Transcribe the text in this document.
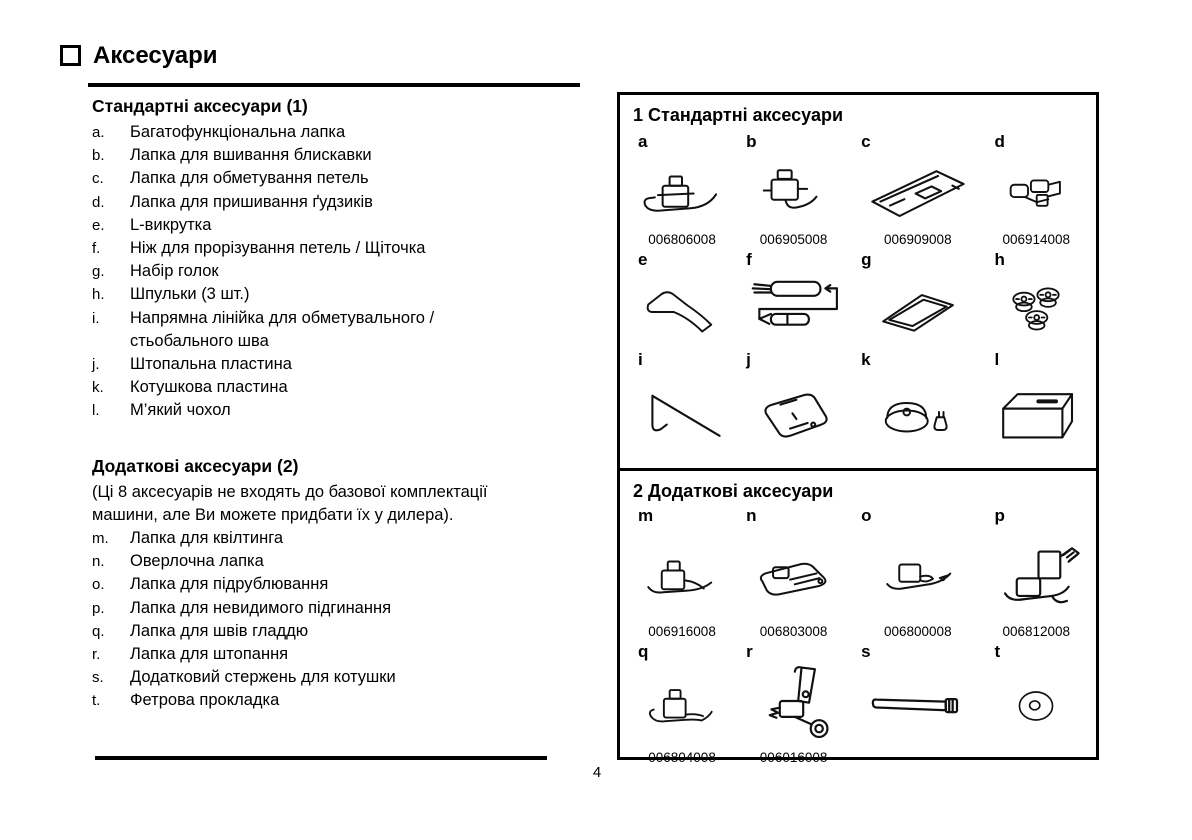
Аксесуари

Стандартні аксесуари (1)

a.	Багатофункціональна лапка
b.	Лапка для вшивання блискавки
c.	Лапка для обметування петель
d.	Лапка для пришивання ґудзиків
e.	L-викрутка
f.	Ніж для прорізування петель / Щіточка
g.	Набір голок
h.	Шпульки (3 шт.)
i.	Напрямна лінійка для обметувального /
стьобального шва
j.	Штопальна пластина
k.	Котушкова пластина
l.	М’який чохол

Додаткові аксесуари (2)

(Ці 8 аксесуарів не входять до базової комплектації
машини, але Ви можете придбати їх у дилера).

m.	Лапка для квілтинга
n.	Оверлочна лапка
o.	Лапка для підрублювання
p.	Лапка для невидимого підгинання
q.	Лапка для швів гладдю
r.	Лапка для штопання
s.	Додатковий стержень для котушки
t.	Фетрова прокладка

1 Стандартні аксесуари

a
006806008
b
006905008
c
006909008
d
006914008
e	f	g	h
i	j	k	l

2 Додаткові аксесуари

m
006916008
n
006803008
o
006800008
p
006812008
q
006804008
r
006016008
s	t
4
